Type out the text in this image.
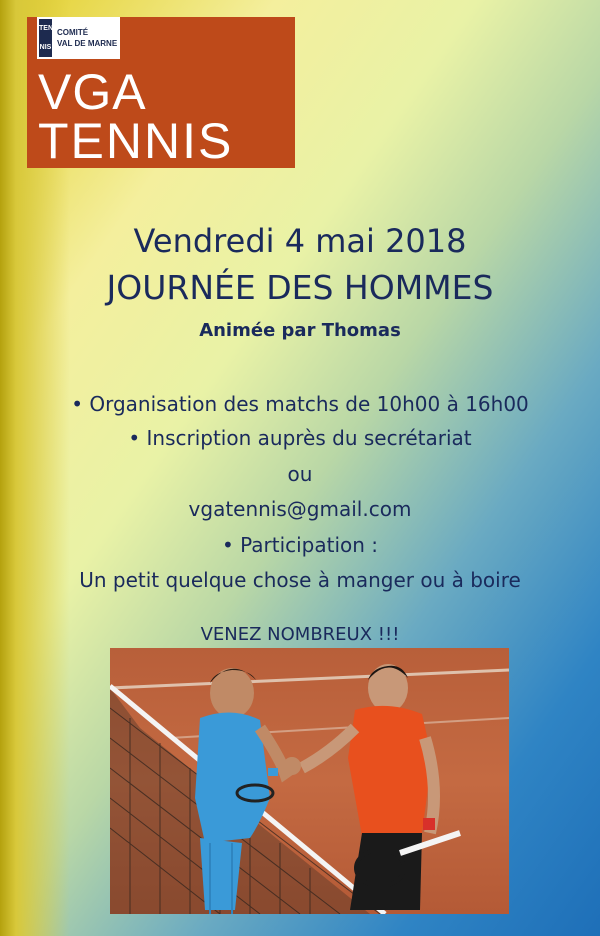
TEN
NIS
COMITÉ
VAL DE MARNE
VGA
TENNIS
Vendredi 4 mai 2018
JOURNÉE DES HOMMES
Animée par Thomas
• Organisation des matchs de 10h00 à 16h00
• Inscription auprès du secrétariat
ou
vgatennis@gmail.com
• Participation :
Un petit quelque chose à manger ou à boire
VENEZ NOMBREUX !!!
